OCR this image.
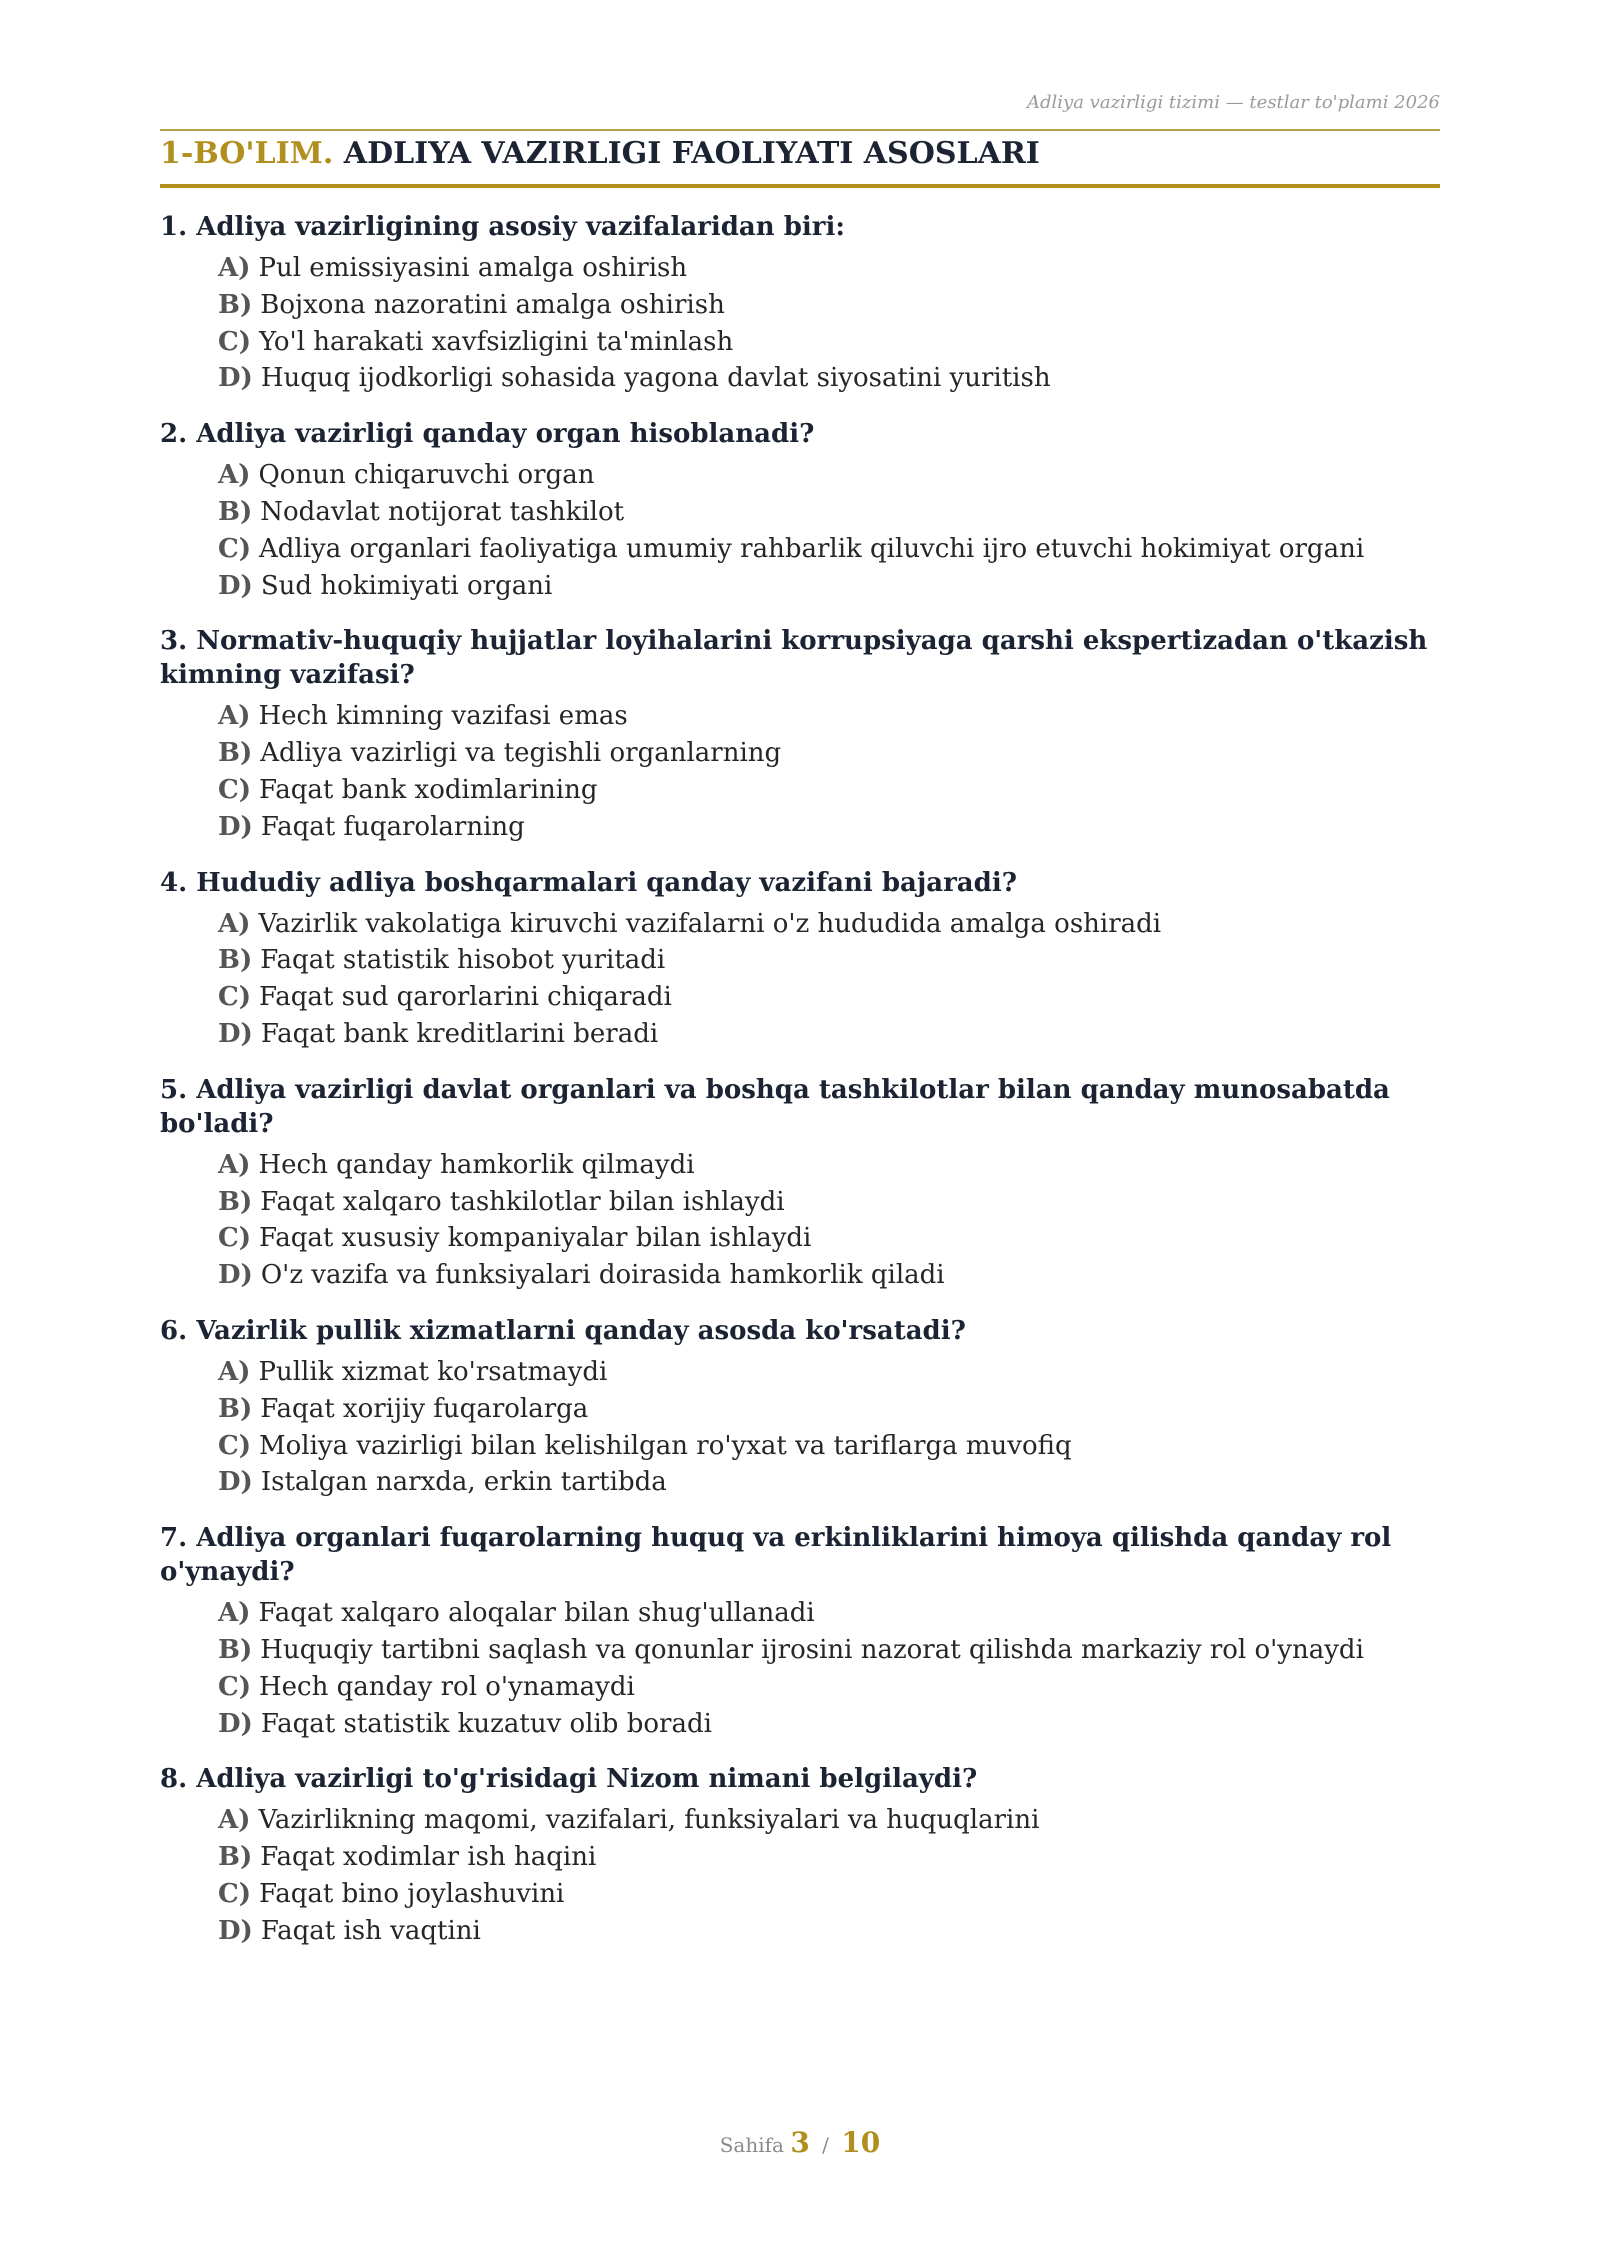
Adliya vazirligi tizimi — testlar to'plami 2026
1-BO'LIM. ADLIYA VAZIRLIGI FAOLIYATI ASOSLARI
1. Adliya vazirligining asosiy vazifalaridan biri:
A) Pul emissiyasini amalga oshirish
B) Bojxona nazoratini amalga oshirish
C) Yo'l harakati xavfsizligini ta'minlash
D) Huquq ijodkorligi sohasida yagona davlat siyosatini yuritish
2. Adliya vazirligi qanday organ hisoblanadi?
A) Qonun chiqaruvchi organ
B) Nodavlat notijorat tashkilot
C) Adliya organlari faoliyatiga umumiy rahbarlik qiluvchi ijro etuvchi hokimiyat organi
D) Sud hokimiyati organi
3. Normativ-huquqiy hujjatlar loyihalarini korrupsiyaga qarshi ekspertizadan o'tkazish kimning vazifasi?
A) Hech kimning vazifasi emas
B) Adliya vazirligi va tegishli organlarning
C) Faqat bank xodimlarining
D) Faqat fuqarolarning
4. Hududiy adliya boshqarmalari qanday vazifani bajaradi?
A) Vazirlik vakolatiga kiruvchi vazifalarni o'z hududida amalga oshiradi
B) Faqat statistik hisobot yuritadi
C) Faqat sud qarorlarini chiqaradi
D) Faqat bank kreditlarini beradi
5. Adliya vazirligi davlat organlari va boshqa tashkilotlar bilan qanday munosabatda bo'ladi?
A) Hech qanday hamkorlik qilmaydi
B) Faqat xalqaro tashkilotlar bilan ishlaydi
C) Faqat xususiy kompaniyalar bilan ishlaydi
D) O'z vazifa va funksiyalari doirasida hamkorlik qiladi
6. Vazirlik pullik xizmatlarni qanday asosda ko'rsatadi?
A) Pullik xizmat ko'rsatmaydi
B) Faqat xorijiy fuqarolarga
C) Moliya vazirligi bilan kelishilgan ro'yxat va tariflarga muvofiq
D) Istalgan narxda, erkin tartibda
7. Adliya organlari fuqarolarning huquq va erkinliklarini himoya qilishda qanday rol o'ynaydi?
A) Faqat xalqaro aloqalar bilan shug'ullanadi
B) Huquqiy tartibni saqlash va qonunlar ijrosini nazorat qilishda markaziy rol o'ynaydi
C) Hech qanday rol o'ynamaydi
D) Faqat statistik kuzatuv olib boradi
8. Adliya vazirligi to'g'risidagi Nizom nimani belgilaydi?
A) Vazirlikning maqomi, vazifalari, funksiyalari va huquqlarini
B) Faqat xodimlar ish haqini
C) Faqat bino joylashuvini
D) Faqat ish vaqtini
Sahifa 3 / 10
